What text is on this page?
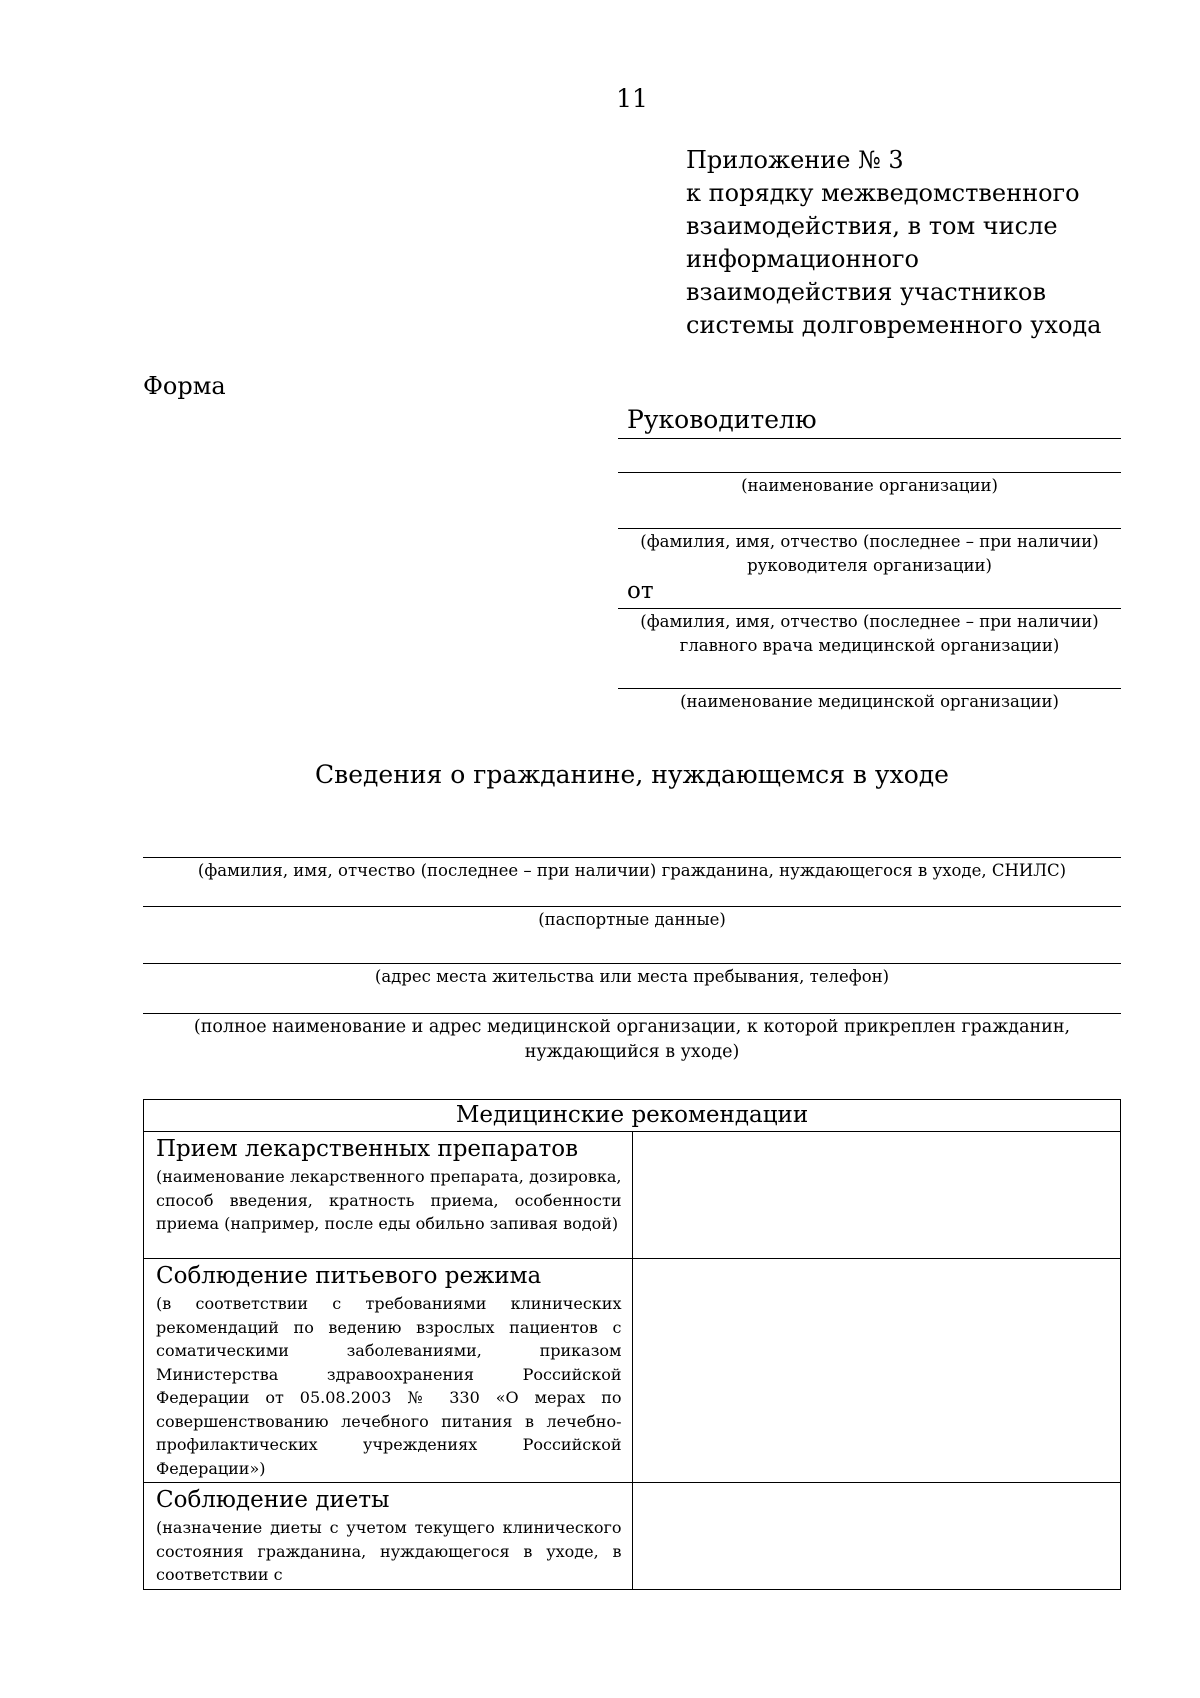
11
Приложение № 3
к порядку межведомственного
взаимодействия, в том числе
информационного
взаимодействия участников
системы долговременного ухода
Форма
Руководителю
(наименование организации)
(фамилия, имя, отчество (последнее – при наличии)
руководителя организации)
от
(фамилия, имя, отчество (последнее – при наличии)
главного врача медицинской организации)
(наименование медицинской организации)
Сведения о гражданине, нуждающемся в уходе
(фамилия, имя, отчество (последнее – при наличии) гражданина, нуждающегося в уходе, СНИЛС)
(паспортные данные)
(адрес места жительства или места пребывания, телефон)
(полное наименование и адрес медицинской организации, к которой прикреплен гражданин,
нуждающийся в уходе)
Медицинские рекомендации	

Прием лекарственных препаратов
(наименование лекарственного препарата, дозировка, способ введения, кратность приема, особенности приема (например, после еды обильно запивая водой)	

Соблюдение питьевого режима
(в соответствии с требованиями клинических рекомендаций по ведению взрослых пациентов с соматическими заболеваниями, приказом Министерства здравоохранения Российской Федерации от 05.08.2003 № 330 «О мерах по совершенствованию лечебного питания в лечебно-профилактических учреждениях Российской Федерации»)	

Соблюдение диеты
(назначение диеты с учетом текущего клинического состояния гражданина, нуждающегося в уходе, в соответствии с	
